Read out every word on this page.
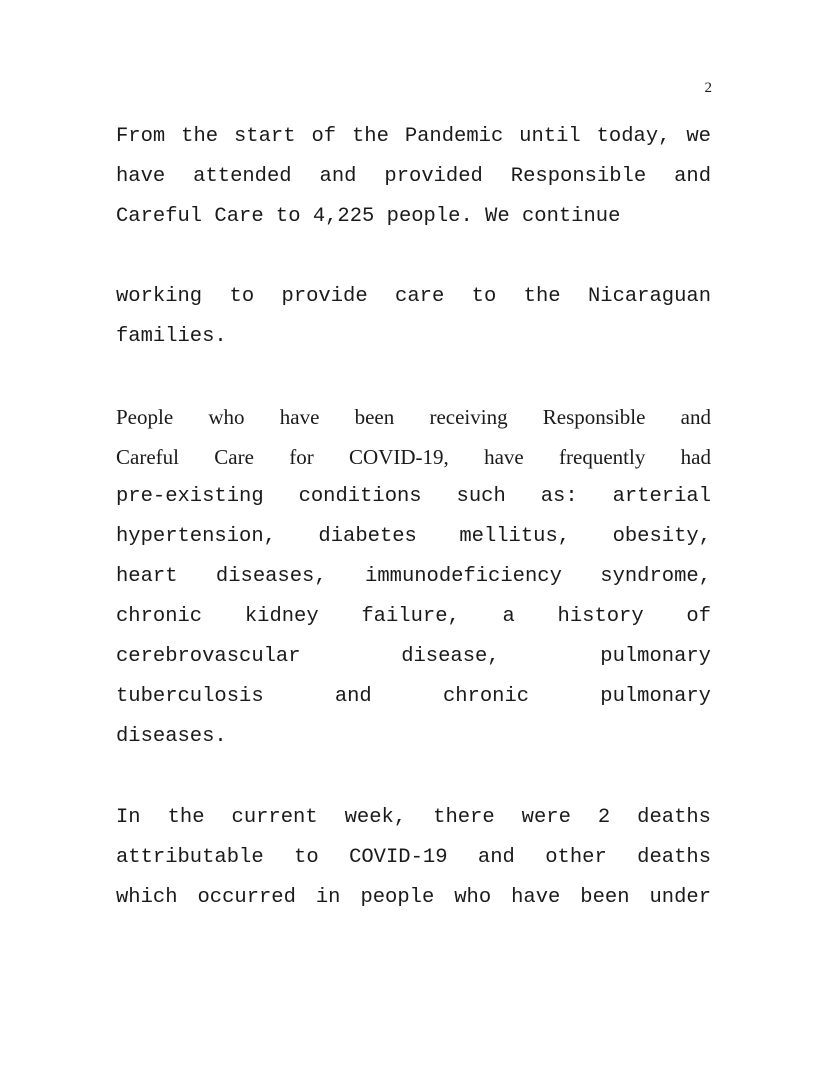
2
From the start of the Pandemic until today, we
have attended and provided Responsible and
Careful Care to 4,225 people. We continue
working to provide care to the Nicaraguan
families.
People who have been receiving Responsible and
Careful Care for COVID-19, have frequently had
pre-existing conditions such as: arterial
hypertension, diabetes mellitus, obesity,
heart diseases, immunodeficiency syndrome,
chronic kidney failure, a history of
cerebrovascular disease, pulmonary
tuberculosis and chronic pulmonary
diseases.
In the current week, there were 2 deaths
attributable to COVID-19 and other deaths
which occurred in people who have been under
